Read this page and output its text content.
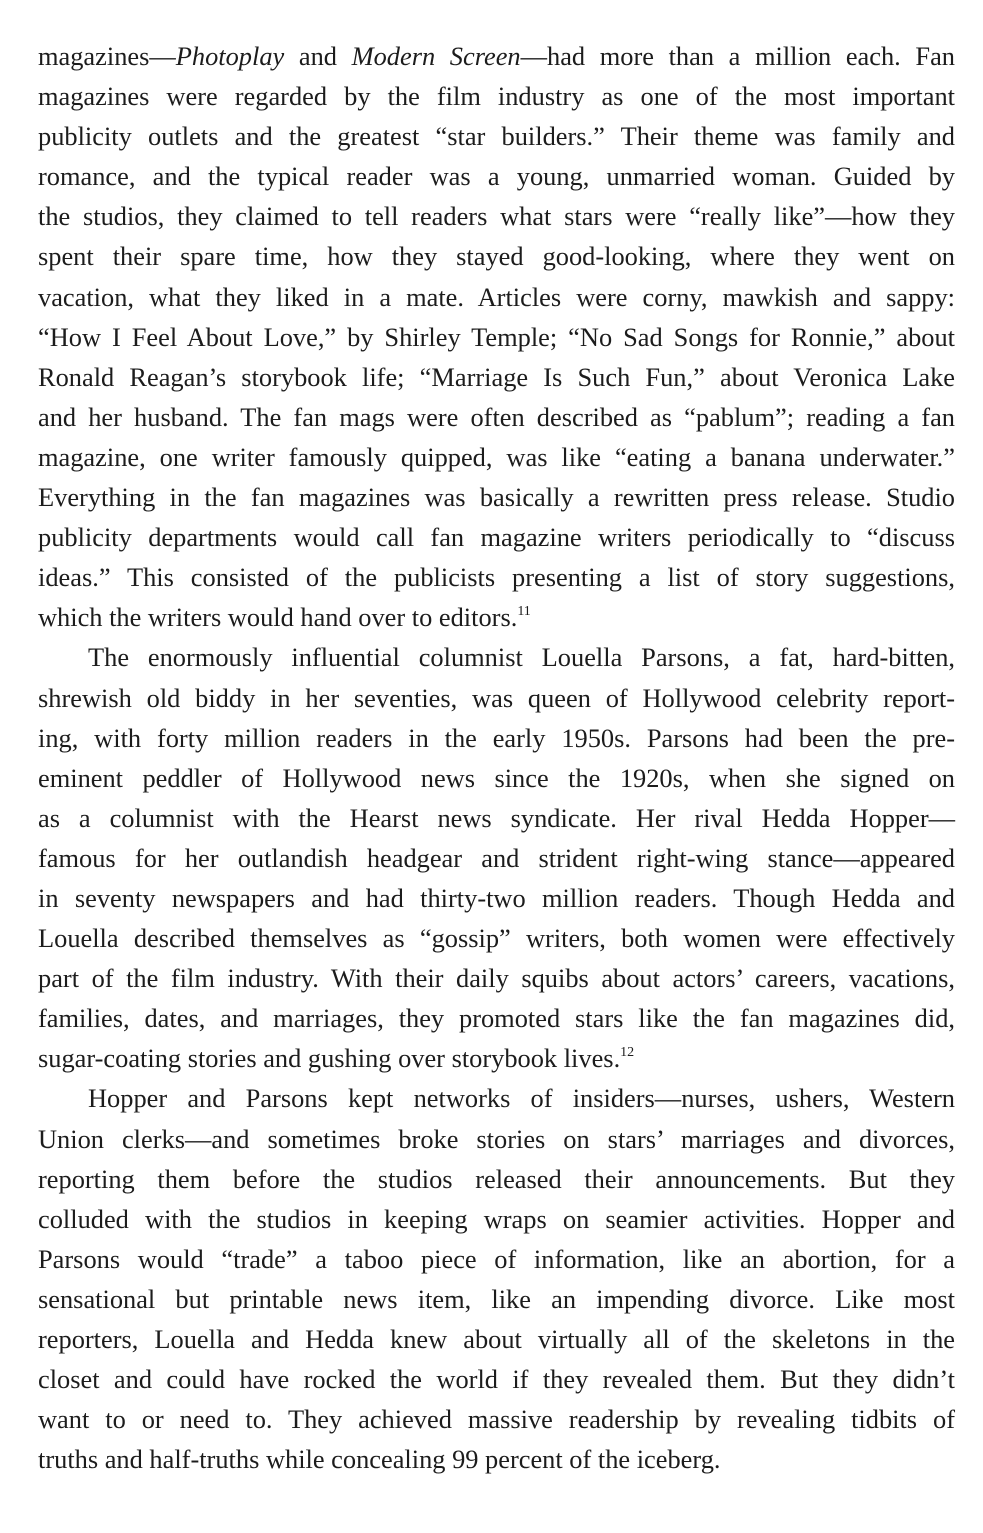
magazines—Photoplay and Modern Screen—had more than a million each. Fan
magazines were regarded by the film industry as one of the most important
publicity outlets and the greatest “star builders.” Their theme was family and
romance, and the typical reader was a young, unmarried woman. Guided by
the studios, they claimed to tell readers what stars were “really like”—how they
spent their spare time, how they stayed good-looking, where they went on
vacation, what they liked in a mate. Articles were corny, mawkish and sappy:
“How I Feel About Love,” by Shirley Temple; “No Sad Songs for Ronnie,” about
Ronald Reagan’s storybook life; “Marriage Is Such Fun,” about Veronica Lake
and her husband. The fan mags were often described as “pablum”; reading a fan
magazine, one writer famously quipped, was like “eating a banana underwater.”
Everything in the fan magazines was basically a rewritten press release. Studio
publicity departments would call fan magazine writers periodically to “discuss
ideas.” This consisted of the publicists presenting a list of story suggestions,
which the writers would hand over to editors.$^{11}$
The enormously influential columnist Louella Parsons, a fat, hard-bitten,
shrewish old biddy in her seventies, was queen of Hollywood celebrity report-
ing, with forty million readers in the early 1950s. Parsons had been the pre-
eminent peddler of Hollywood news since the 1920s, when she signed on
as a columnist with the Hearst news syndicate. Her rival Hedda Hopper—
famous for her outlandish headgear and strident right-wing stance—appeared
in seventy newspapers and had thirty-two million readers. Though Hedda and
Louella described themselves as “gossip” writers, both women were effectively
part of the film industry. With their daily squibs about actors’ careers, vacations,
families, dates, and marriages, they promoted stars like the fan magazines did,
sugar-coating stories and gushing over storybook lives.$^{12}$
Hopper and Parsons kept networks of insiders—nurses, ushers, Western
Union clerks—and sometimes broke stories on stars’ marriages and divorces,
reporting them before the studios released their announcements. But they
colluded with the studios in keeping wraps on seamier activities. Hopper and
Parsons would “trade” a taboo piece of information, like an abortion, for a
sensational but printable news item, like an impending divorce. Like most
reporters, Louella and Hedda knew about virtually all of the skeletons in the
closet and could have rocked the world if they revealed them. But they didn’t
want to or need to. They achieved massive readership by revealing tidbits of
truths and half-truths while concealing 99 percent of the iceberg.
